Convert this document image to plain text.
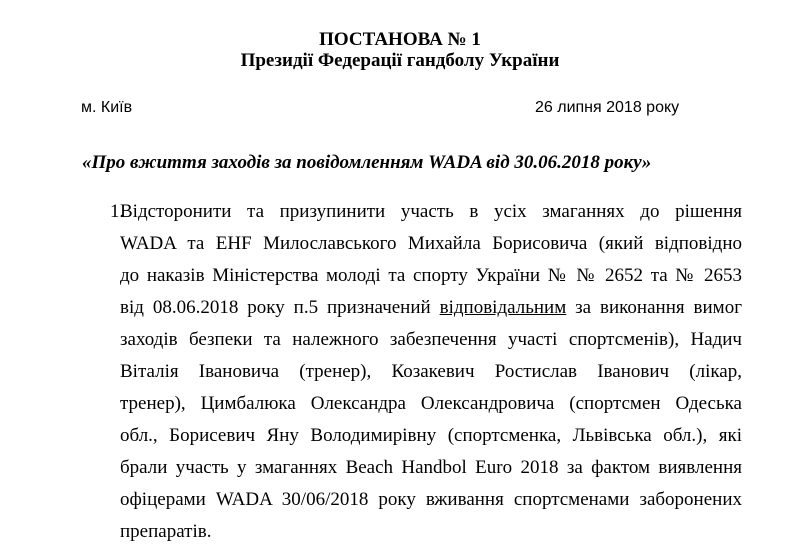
ПОСТАНОВА № 1
Президії Федерації гандболу України
м. Київ	26 липня 2018 року
«Про вжиття заходів за повідомленням WADA від 30.06.2018 року»
1.
Відсторонити та призупинити участь в усіх змаганнях до рішення
WADA та EHF Милославського Михайла Борисовича (який відповідно
до наказів Міністерства молоді та спорту України № № 2652 та № 2653
від 08.06.2018 року п.5 призначений відповідальним за виконання вимог
заходів безпеки та належного забезпечення участі спортсменів), Надич
Віталія Івановича (тренер), Козакевич Ростислав Іванович (лікар,
тренер), Цимбалюка Олександра Олександровича (спортсмен Одеська
обл., Борисевич Яну Володимирівну (спортсменка, Львівська обл.), які
брали участь у змаганнях Beach Handbol Euro 2018 за фактом виявлення
офіцерами WADA 30/06/2018 року вживання спортсменами заборонених
препаратів.
